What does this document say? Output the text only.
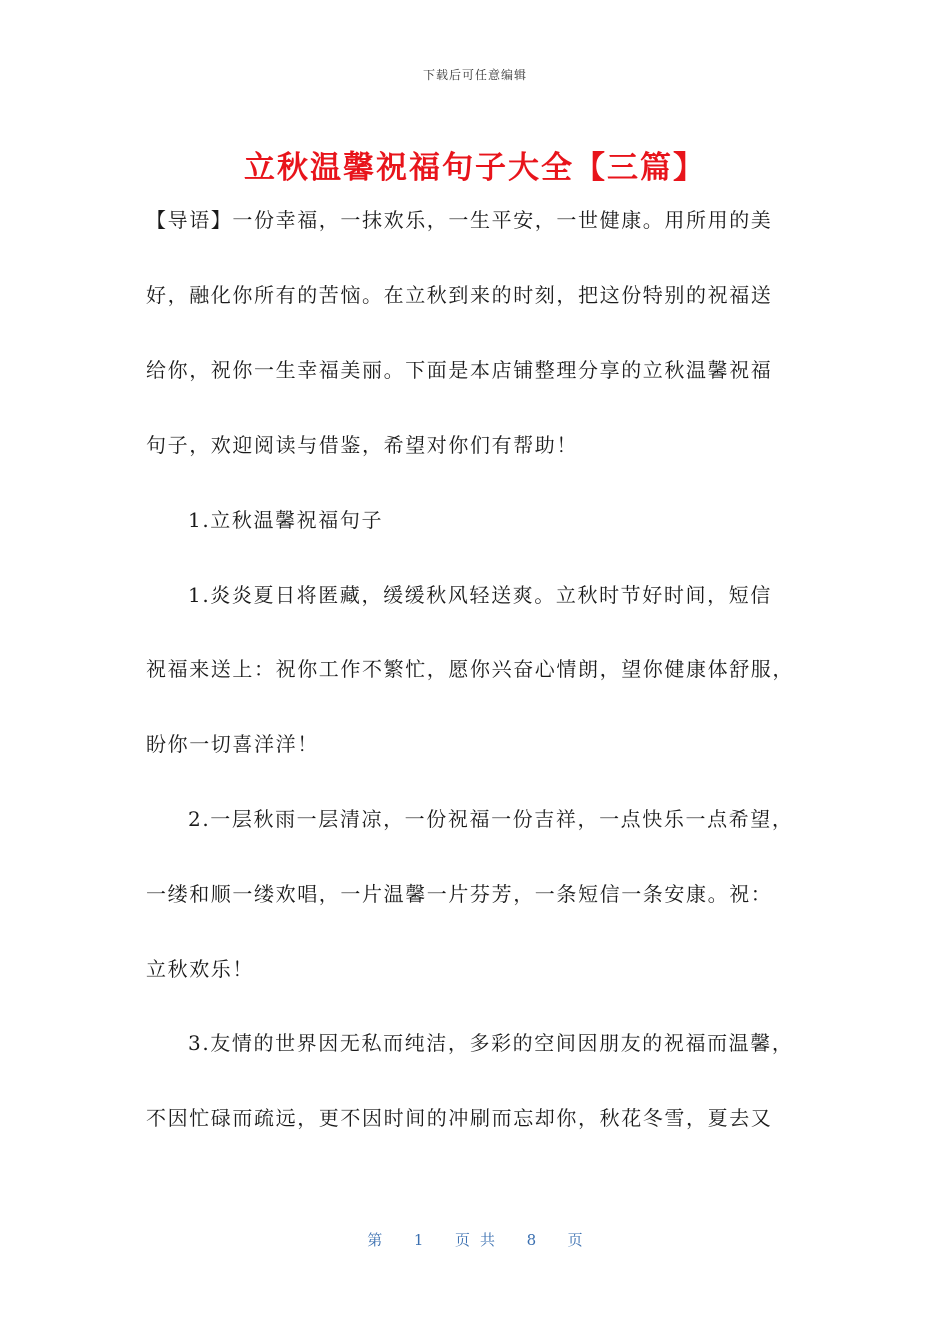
下载后可任意编辑
立秋温馨祝福句子大全【三篇】
【导语】一份幸福，一抹欢乐，一生平安，一世健康。用所用的美
好，融化你所有的苦恼。在立秋到来的时刻，把这份特别的祝福送
给你，祝你一生幸福美丽。下面是本店铺整理分享的立秋温馨祝福
句子，欢迎阅读与借鉴，希望对你们有帮助！
1.立秋温馨祝福句子
1.炎炎夏日将匿藏，缓缓秋风轻送爽。立秋时节好时间，短信
祝福来送上：祝你工作不繁忙，愿你兴奋心情朗，望你健康体舒服，
盼你一切喜洋洋！
2.一层秋雨一层清凉，一份祝福一份吉祥，一点快乐一点希望，
一缕和顺一缕欢唱，一片温馨一片芬芳，一条短信一条安康。祝：
立秋欢乐！
3.友情的世界因无私而纯洁，多彩的空间因朋友的祝福而温馨，
不因忙碌而疏远，更不因时间的冲刷而忘却你，秋花冬雪，夏去又
第 1 页共 8 页
